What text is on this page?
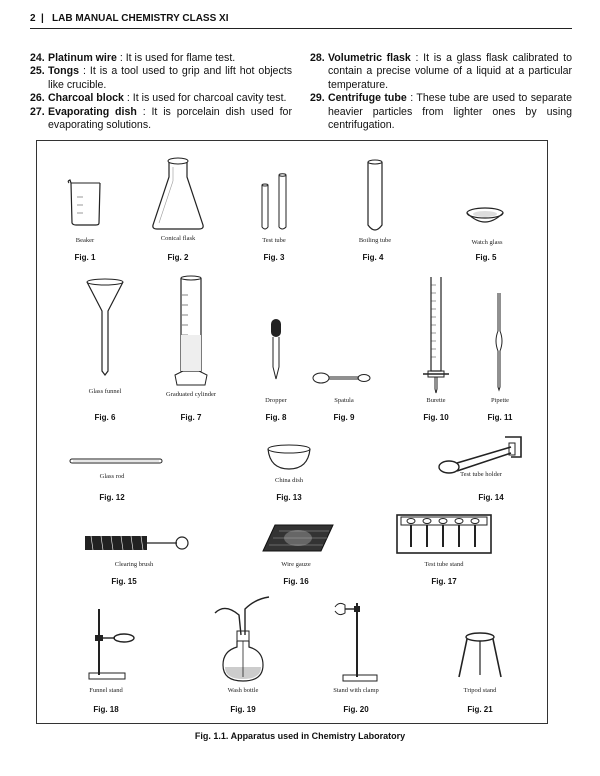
2 | LAB MANUAL CHEMISTRY CLASS XI
24. Platinum wire : It is used for flame test.
25. Tongs : It is a tool used to grip and lift hot objects like crucible.
26. Charcoal block : It is used for charcoal cavity test.
27. Evaporating dish : It is porcelain dish used for evaporating solutions.
28. Volumetric flask : It is a glass flask calibrated to contain a precise volume of a liquid at a particular temperature.
29. Centrifuge tube : These tube are used to separate heavier particles from lighter ones by using centrifugation.
Beaker
Fig. 1
Conical flask
Fig. 2
Test tube
Fig. 3
Boiling tube
Fig. 4
Watch glass
Fig. 5
Glass funnel
Fig. 6
Graduated cylinder
Fig. 7
Dropper
Fig. 8
Spatula
Fig. 9
Burette
Fig. 10
Pipette
Fig. 11
Glass rod
Fig. 12
China dish
Fig. 13
Test tube holder
Fig. 14
Clearing brush
Fig. 15
Wire gauze
Fig. 16
Test tube stand
Fig. 17
Funnel stand
Fig. 18
Wash bottle
Fig. 19
Stand with clamp
Fig. 20
Tripod stand
Fig. 21
Fig. 1.1. Apparatus used in Chemistry Laboratory
